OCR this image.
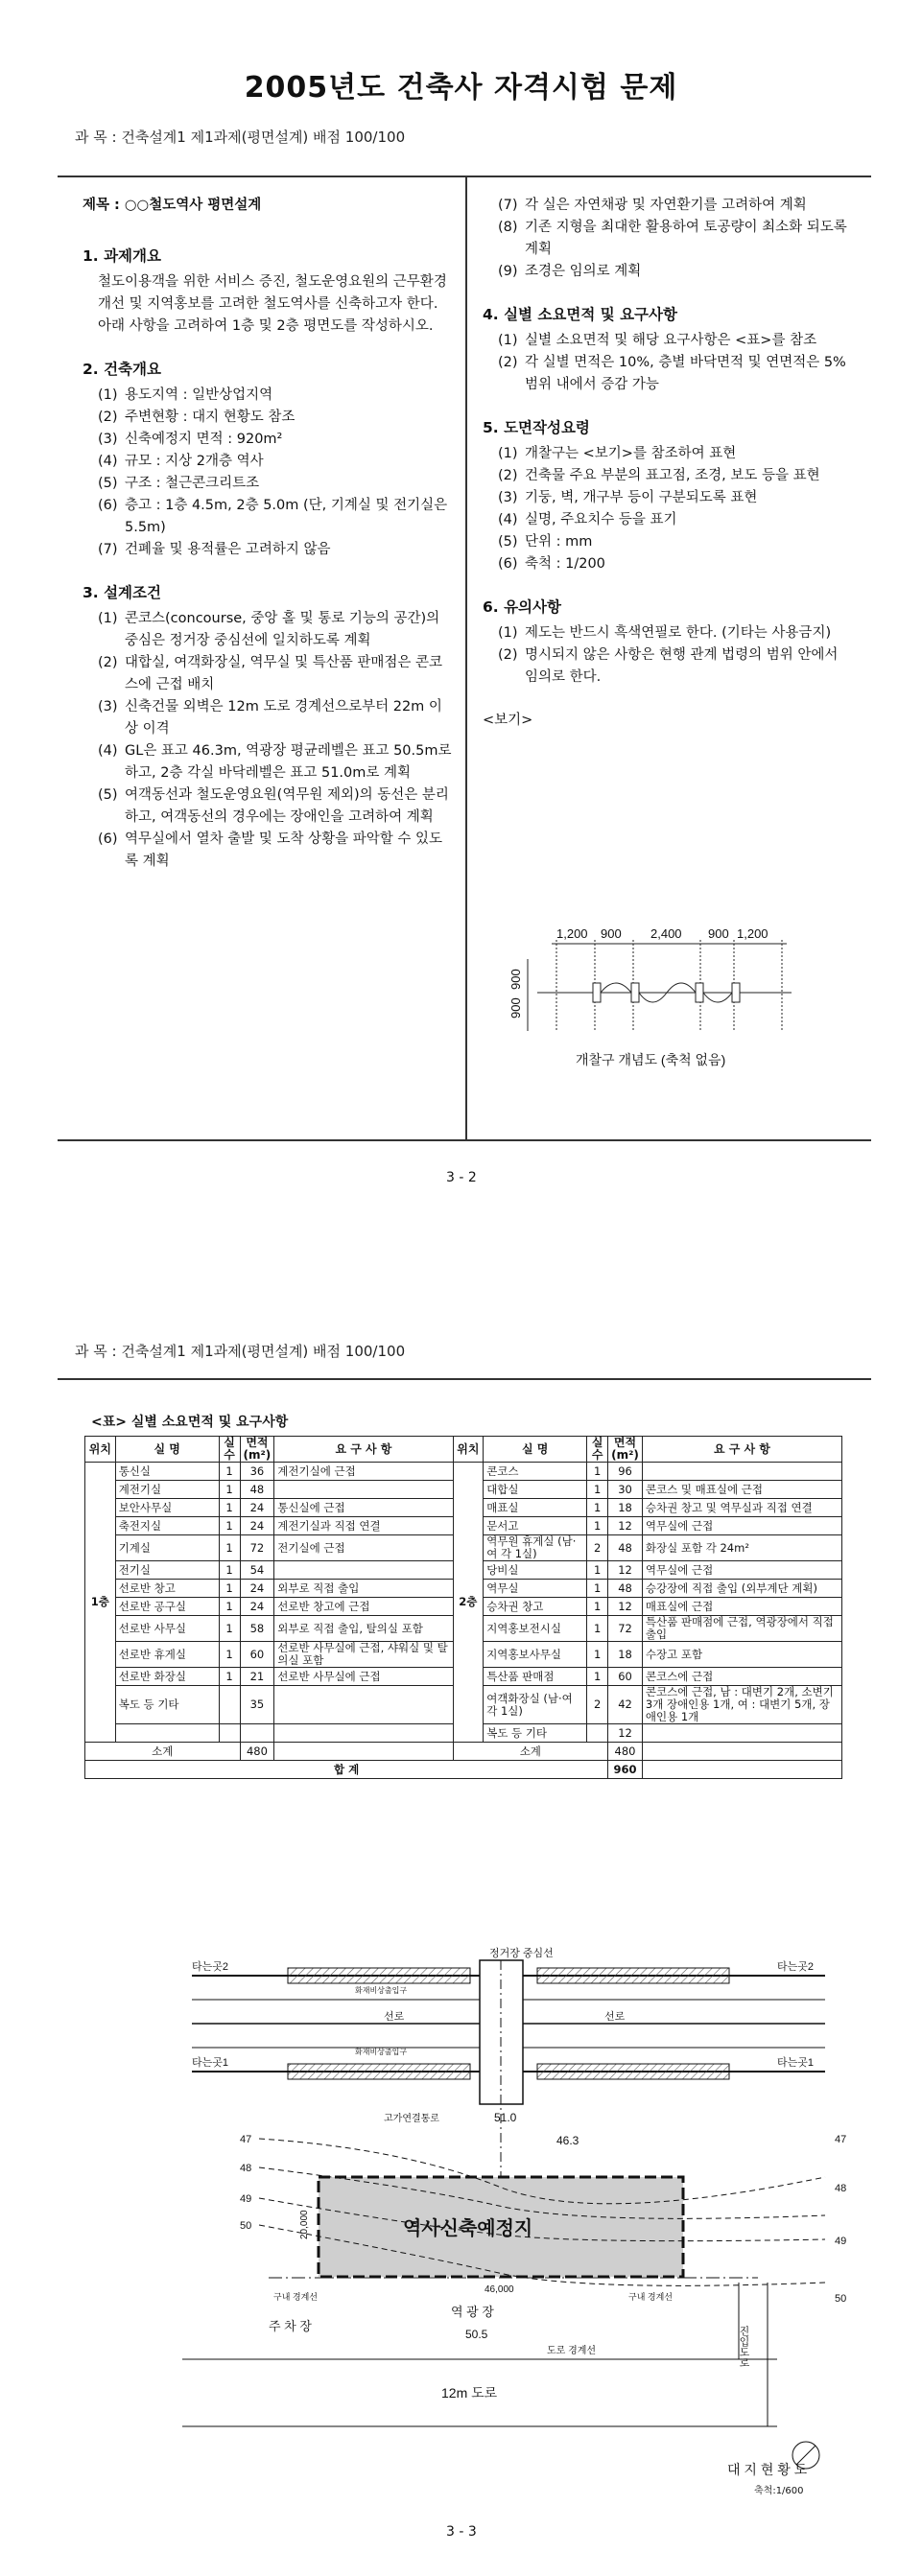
2005년도 건축사 자격시험 문제
과 목 : 건축설계1 제1과제(평면설계) 배점 100/100

제목 : ○○철도역사 평면설계

1. 과제개요

철도이용객을 위한 서비스 증진, 철도운영요원의 근무환경개선 및 지역홍보를 고려한 철도역사를 신축하고자 한다.

아래 사항을 고려하여 1층 및 2층 평면도를 작성하시오.

2. 건축개요
(1) 용도지역 : 일반상업지역
(2) 주변현황 : 대지 현황도 참조
(3) 신축예정지 면적 : 920m²
(4) 규모 : 지상 2개층 역사
(5) 구조 : 철근콘크리트조
(6) 층고 : 1층 4.5m, 2층 5.0m (단, 기계실 및 전기실은 5.5m)
(7) 건폐율 및 용적률은 고려하지 않음
3. 설계조건
(1) 콘코스(concourse, 중앙 홀 및 통로 기능의 공간)의 중심은 정거장 중심선에 일치하도록 계획
(2) 대합실, 여객화장실, 역무실 및 특산품 판매점은 콘코스에 근접 배치
(3) 신축건물 외벽은 12m 도로 경계선으로부터 22m 이상 이격
(4) GL은 표고 46.3m, 역광장 평균레벨은 표고 50.5m로 하고, 2층 각실 바닥레벨은 표고 51.0m로 계획
(5) 여객동선과 철도운영요원(역무원 제외)의 동선은 분리하고, 여객동선의 경우에는 장애인을 고려하여 계획
(6) 역무실에서 열차 출발 및 도착 상황을 파악할 수 있도록 계획
(7) 각 실은 자연채광 및 자연환기를 고려하여 계획
(8) 기존 지형을 최대한 활용하여 토공량이 최소화 되도록 계획
(9) 조경은 임의로 계획
4. 실별 소요면적 및 요구사항
(1) 실별 소요면적 및 해당 요구사항은 <표>를 참조
(2) 각 실별 면적은 10%, 층별 바닥면적 및 연면적은 5% 범위 내에서 증감 가능
5. 도면작성요령
(1) 개찰구는 <보기>를 참조하여 표현
(2) 건축물 주요 부분의 표고점, 조경, 보도 등을 표현
(3) 기둥, 벽, 개구부 등이 구분되도록 표현
(4) 실명, 주요치수 등을 표기
(5) 단위 : mm
(6) 축척 : 1/200
6. 유의사항
(1) 제도는 반드시 흑색연필로 한다. (기타는 사용금지)
(2) 명시되지 않은 사항은 현행 관계 법령의 범위 안에서 임의로 한다.

<보기>

1,200 900 2,400 900 1,200
900
900
개찰구 개념도 (축척 없음)
3 - 2
과 목 : 건축설계1 제1과제(평면설계) 배점 100/100
<표> 실별 소요면적 및 요구사항
위치	실 명	실수	면적(m²)	요 구 사 항	위치	실 명	실수	면적(m²)	요 구 사 항
1층	통신실	1	36	계전기실에 근접	2층	콘코스	1	96	
	계전기실	1	48			대합실	1	30	콘코스 및 매표실에 근접
	보안사무실	1	24	통신실에 근접		매표실	1	18	승차권 창고 및 역무실과 직접 연결
	축전지실	1	24	계전기실과 직접 연결		문서고	1	12	역무실에 근접
	기계실	1	72	전기실에 근접		역무원 휴게실 (남·여 각 1실)	2	48	화장실 포함 각 24m²
	전기실	1	54			당비실	1	12	역무실에 근접
	선로반 창고	1	24	외부로 직접 출입		역무실	1	48	승강장에 직접 출입 (외부계단 계획)
	선로반 공구실	1	24	선로반 창고에 근접		승차권 창고	1	12	매표실에 근접
	선로반 사무실	1	58	외부로 직접 출입, 탈의실 포함		지역홍보전시실	1	72	특산품 판매점에 근접, 역광장에서 직접 출입
	선로반 휴게실	1	60	선로반 사무실에 근접, 샤워실 및 탈의실 포함		지역홍보사무실	1	18	수장고 포함
	선로반 화장실	1	21	선로반 사무실에 근접		특산품 판매점	1	60	콘코스에 근접
	복도 등 기타		35			여객화장실 (남·여 각 1실)	2	42	콘코스에 근접, 남 : 대변기 2개, 소변기 3개 장애인용 1개, 여 : 대변기 5개, 장애인용 1개
						복도 등 기타		12	
소계			480		소계			480	
합 계								960	
정거장 중심선
타는곳2	타는곳2
선로	선로
타는곳1	타는곳1
화재비상출입구
화재비상출입구
고가연결통로	51.0
46.3
역사신축예정지
46,000
20,000
47
48
49
50
47
48
49
50
구내 경계선	구내 경계선
주 차 장
역 광 장
50.5
도로 경계선
12m 도로
진입도로
대 지 현 황 도
축척:1/600
3 - 3
